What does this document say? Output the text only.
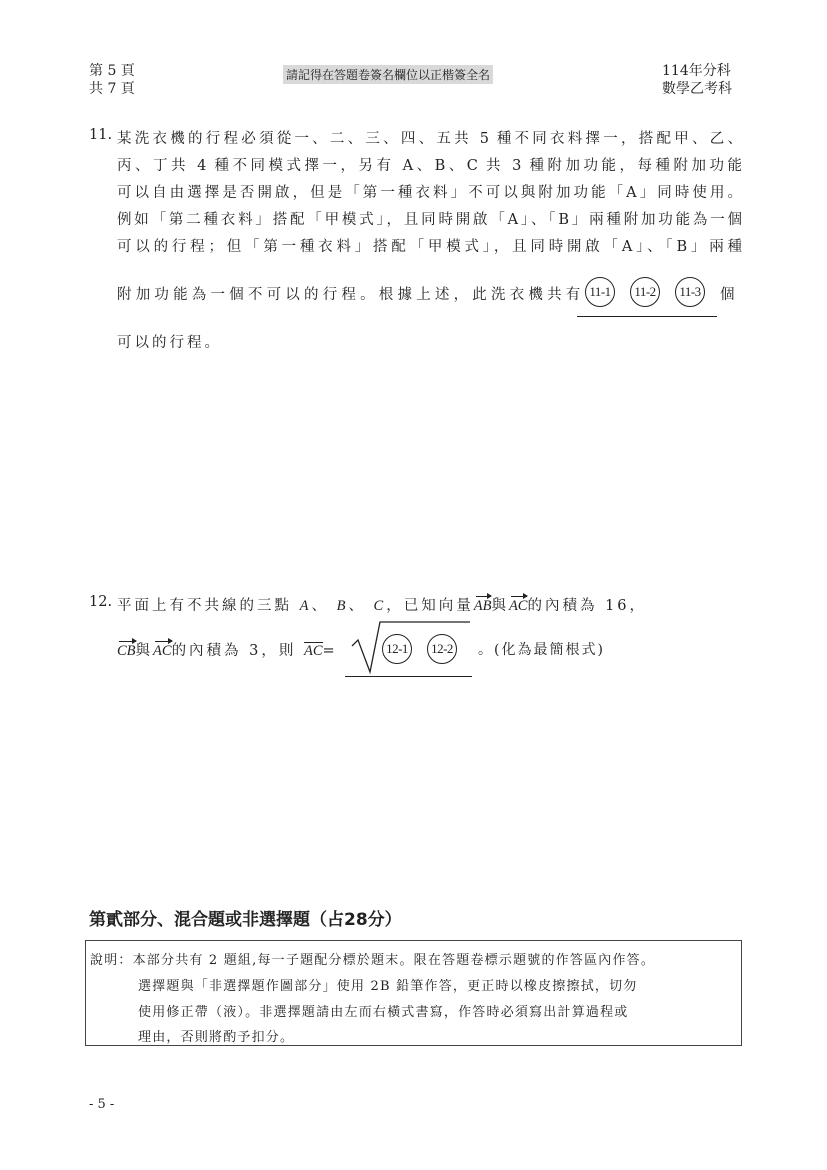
第 5 頁
共 7 頁
請記得在答題卷簽名欄位以正楷簽全名	114年分科
數學乙考科
11. 某洗衣機的行程必須從一、二、三、四、五共 5 種不同衣料擇一，搭配甲、乙、
丙、丁共 4 種不同模式擇一，另有 A、B、C 共 3 種附加功能，每種附加功能
可以自由選擇是否開啟，但是「第一種衣料」不可以與附加功能「A」同時使用。
例如「第二種衣料」搭配「甲模式」，且同時開啟「A」、「B」兩種附加功能為一個
可以的行程；但「第一種衣料」搭配「甲模式」，且同時開啟「A」、「B」兩種
附加功能為一個不可以的行程。根據上述，此洗衣機共有 11-1	11-2	11-3 個
可以的行程。
12. 平面上有不共線的三點 A、 B、 C，已知向量AB與AC的內積為 16，
CB與AC的內積為 3，則 AC=	12-1	12-2 。(化為最簡根式)
第貳部分、混合題或非選擇題（占28分）
說明：本部分共有 2 題組,每一子題配分標於題末。限在答題卷標示題號的作答區內作答。
選擇題與「非選擇題作圖部分」使用 2B 鉛筆作答，更正時以橡皮擦擦拭，切勿
使用修正帶（液）。非選擇題請由左而右橫式書寫，作答時必須寫出計算過程或
理由，否則將酌予扣分。
- 5 -
